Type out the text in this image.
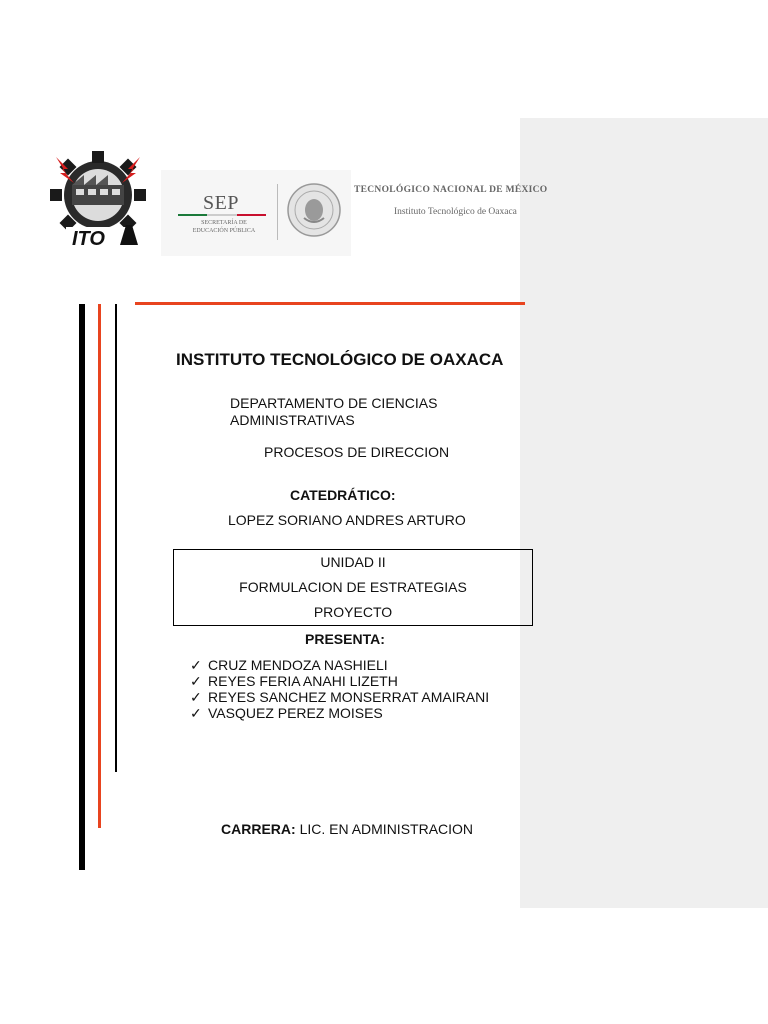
ITO
SEP
SECRETARÍA DE
EDUCACIÓN PÚBLICA
TECNOLÓGICO NACIONAL DE MÉXICO
Instituto Tecnológico de Oaxaca
INSTITUTO TECNOLÓGICO DE OAXACA
DEPARTAMENTO DE CIENCIAS ADMINISTRATIVAS
PROCESOS DE DIRECCION
CATEDRÁTICO:
LOPEZ SORIANO ANDRES ARTURO
UNIDAD II
FORMULACION DE ESTRATEGIAS
PROYECTO
PRESENTA:
✓ CRUZ MENDOZA NASHIELI
✓ REYES FERIA ANAHI LIZETH
✓ REYES SANCHEZ MONSERRAT AMAIRANI
✓ VASQUEZ PEREZ MOISES
CARRERA: LIC. EN ADMINISTRACION
